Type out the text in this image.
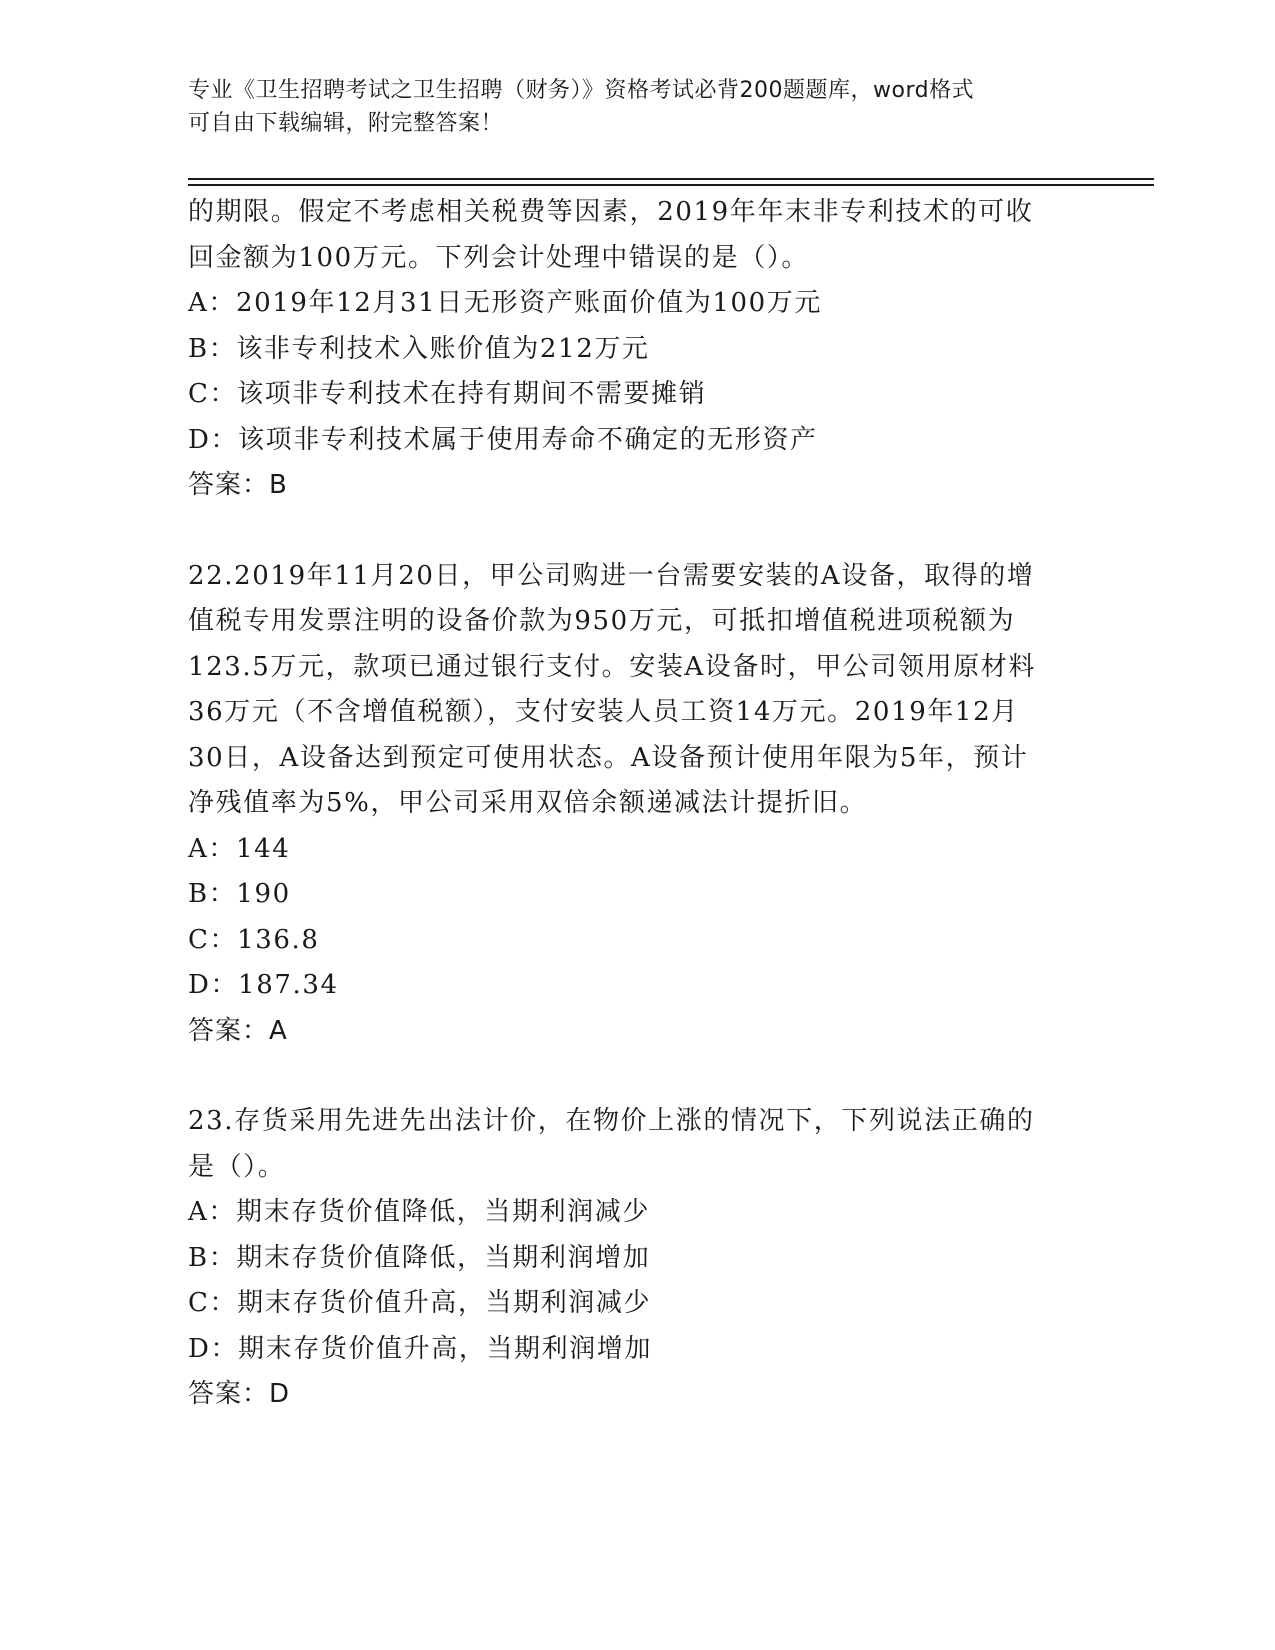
专业《卫生招聘考试之卫生招聘（财务）》资格考试必背200题题库，word格式
可自由下载编辑，附完整答案！
的期限。假定不考虑相关税费等因素，2019年年末非专利技术的可收
回金额为100万元。下列会计处理中错误的是（）。
A：2019年12月31日无形资产账面价值为100万元
B：该非专利技术入账价值为212万元
C：该项非专利技术在持有期间不需要摊销
D：该项非专利技术属于使用寿命不确定的无形资产
答案：B
22.2019年11月20日，甲公司购进一台需要安装的A设备，取得的增
值税专用发票注明的设备价款为950万元，可抵扣增值税进项税额为
123.5万元，款项已通过银行支付。安装A设备时，甲公司领用原材料
36万元（不含增值税额），支付安装人员工资14万元。2019年12月
30日，A设备达到预定可使用状态。A设备预计使用年限为5年，预计
净残值率为5%，甲公司采用双倍余额递减法计提折旧。
A：144
B：190
C：136.8
D：187.34
答案：A
23.存货采用先进先出法计价，在物价上涨的情况下，下列说法正确的
是（）。
A：期末存货价值降低，当期利润减少
B：期末存货价值降低，当期利润增加
C：期末存货价值升高，当期利润减少
D：期末存货价值升高，当期利润增加
答案：D
